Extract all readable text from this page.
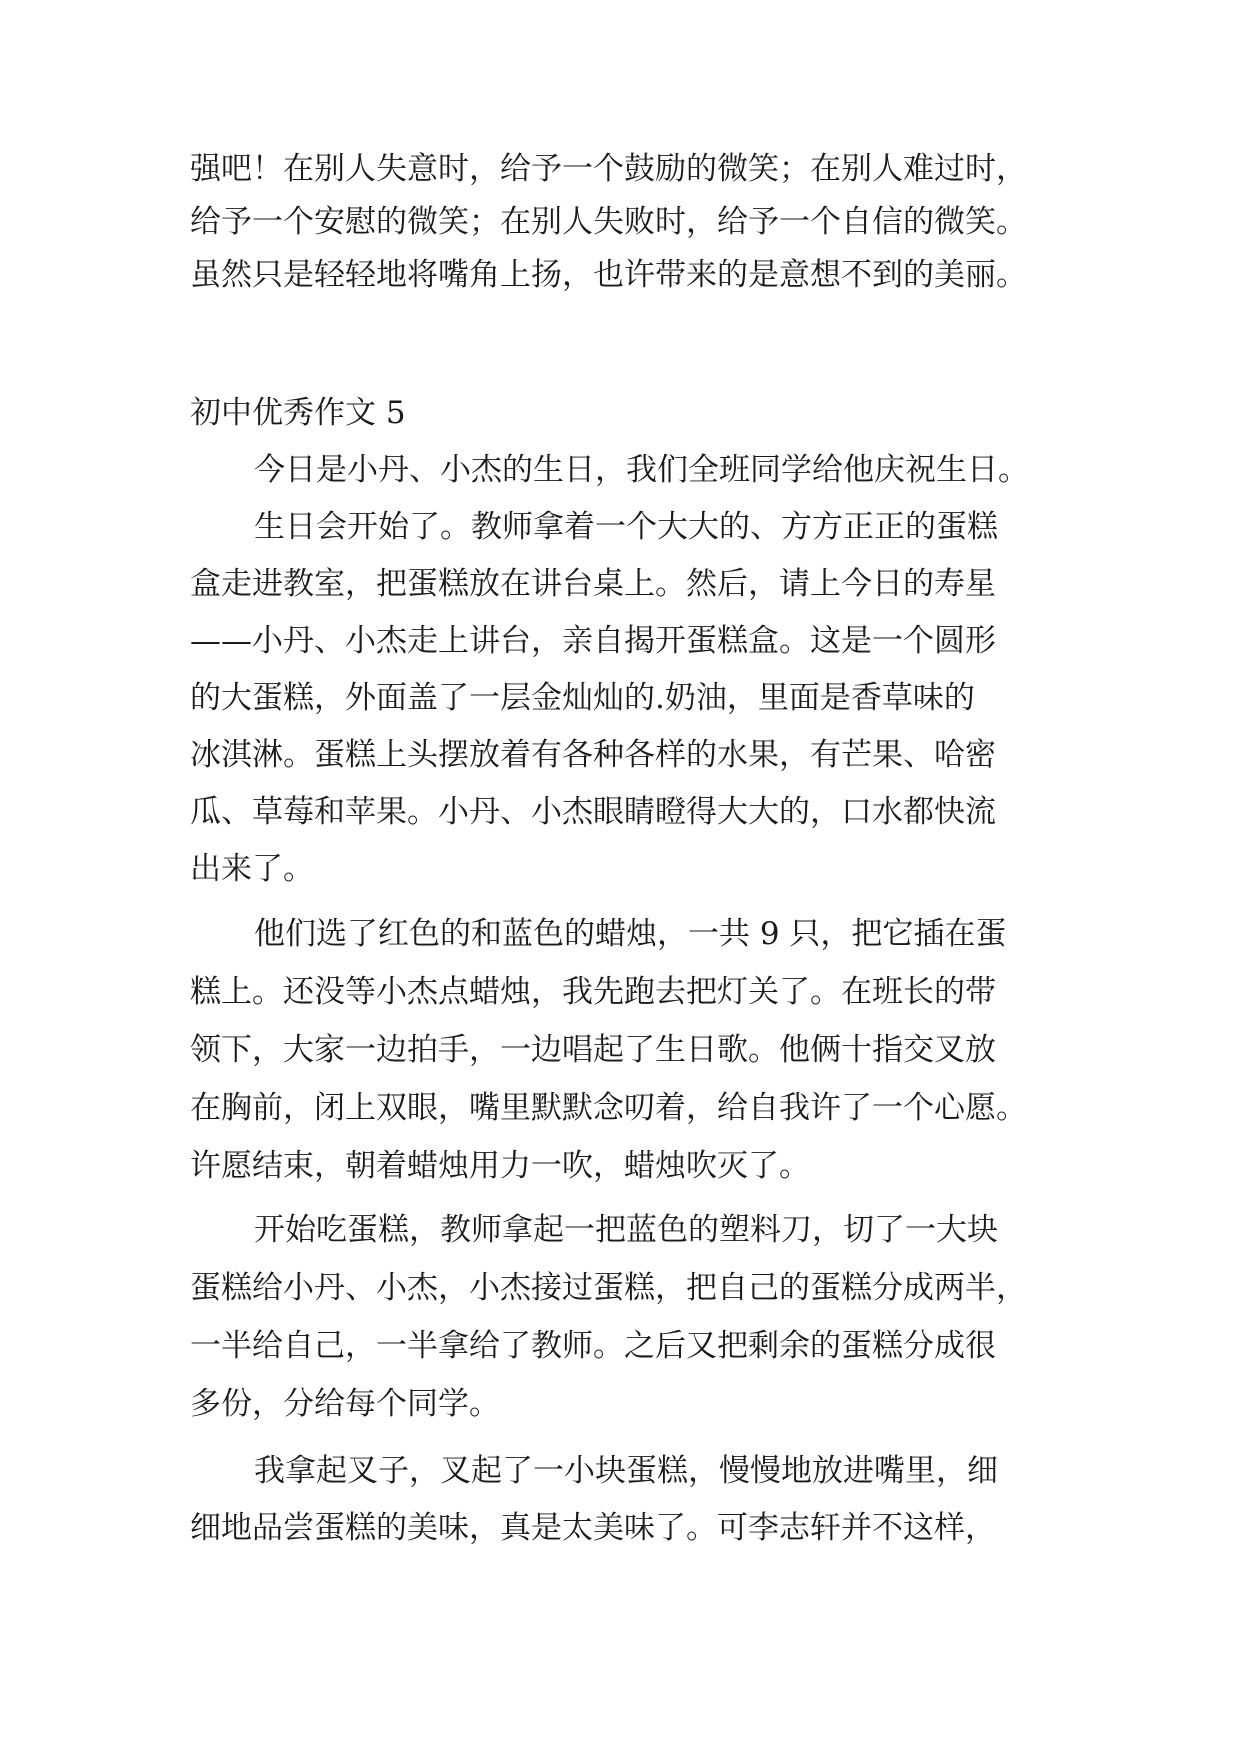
强吧！在别人失意时，给予一个鼓励的微笑；在别人难过时，
给予一个安慰的微笑；在别人失败时，给予一个自信的微笑。
虽然只是轻轻地将嘴角上扬，也许带来的是意想不到的美丽。
初中优秀作文 5
今日是小丹、小杰的生日，我们全班同学给他庆祝生日。
生日会开始了。教师拿着一个大大的、方方正正的蛋糕
盒走进教室，把蛋糕放在讲台桌上。然后，请上今日的寿星
——小丹、小杰走上讲台，亲自揭开蛋糕盒。这是一个圆形
的大蛋糕，外面盖了一层金灿灿的.奶油，里面是香草味的
冰淇淋。蛋糕上头摆放着有各种各样的水果，有芒果、哈密
瓜、草莓和苹果。小丹、小杰眼睛瞪得大大的，口水都快流
出来了。
他们选了红色的和蓝色的蜡烛，一共 9 只，把它插在蛋
糕上。还没等小杰点蜡烛，我先跑去把灯关了。在班长的带
领下，大家一边拍手，一边唱起了生日歌。他俩十指交叉放
在胸前，闭上双眼，嘴里默默念叨着，给自我许了一个心愿。
许愿结束，朝着蜡烛用力一吹，蜡烛吹灭了。
开始吃蛋糕，教师拿起一把蓝色的塑料刀，切了一大块
蛋糕给小丹、小杰，小杰接过蛋糕，把自己的蛋糕分成两半，
一半给自己，一半拿给了教师。之后又把剩余的蛋糕分成很
多份，分给每个同学。
我拿起叉子，叉起了一小块蛋糕，慢慢地放进嘴里，细
细地品尝蛋糕的美味，真是太美味了。可李志轩并不这样，
